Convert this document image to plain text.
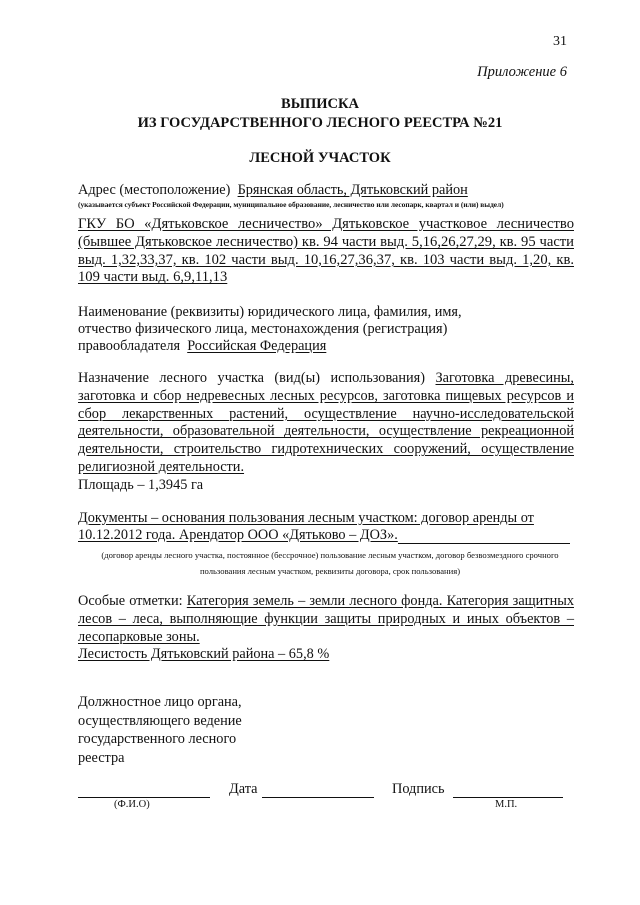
31
Приложение 6
ВЫПИСКА
ИЗ ГОСУДАРСТВЕННОГО ЛЕСНОГО РЕЕСТРА №21
ЛЕСНОЙ УЧАСТОК
Адрес (местоположение) Брянская область, Дятьковский район
(указывается субъект Российской Федерации, муниципальное образование, лесничество или лесопарк, квартал и (или) выдел)
ГКУ БО «Дятьковское лесничество» Дятьковское участковое лесничество (бывшее Дятьковское лесничество) кв. 94 части выд. 5,16,26,27,29, кв. 95 части выд. 1,32,33,37, кв. 102 части выд. 10,16,27,36,37, кв. 103 части выд. 1,20, кв. 109 части выд. 6,9,11,13
Наименование (реквизиты) юридического лица, фамилия, имя,
отчество физического лица, местонахождения (регистрация)
правообладателя Российская Федерация
Назначение лесного участка (вид(ы) использования) Заготовка древесины, заготовка и сбор недревесных лесных ресурсов, заготовка пищевых ресурсов и сбор лекарственных растений, осуществление научно-исследовательской деятельности, образовательной деятельности, осуществление рекреационной деятельности, строительство гидротехнических сооружений, осуществление религиозной деятельности.
Площадь – 1,3945 га
Документы – основания пользования лесным участком: договор аренды от
10.12.2012 года. Арендатор ООО «Дятьково – ДОЗ».
(договор аренды лесного участка, постоянное (бессрочное) пользование лесным участком, договор безвозмездного срочного
пользования лесным участком, реквизиты договора, срок пользования)
Особые отметки: Категория земель – земли лесного фонда. Категория защитных лесов – леса, выполняющие функции защиты природных и иных объектов – лесопарковые зоны.
Лесистость Дятьковский района – 65,8 %
Должностное лицо органа,
осуществляющего ведение
государственного лесного
реестра
Дата	Подпись
(Ф.И.О)	М.П.
